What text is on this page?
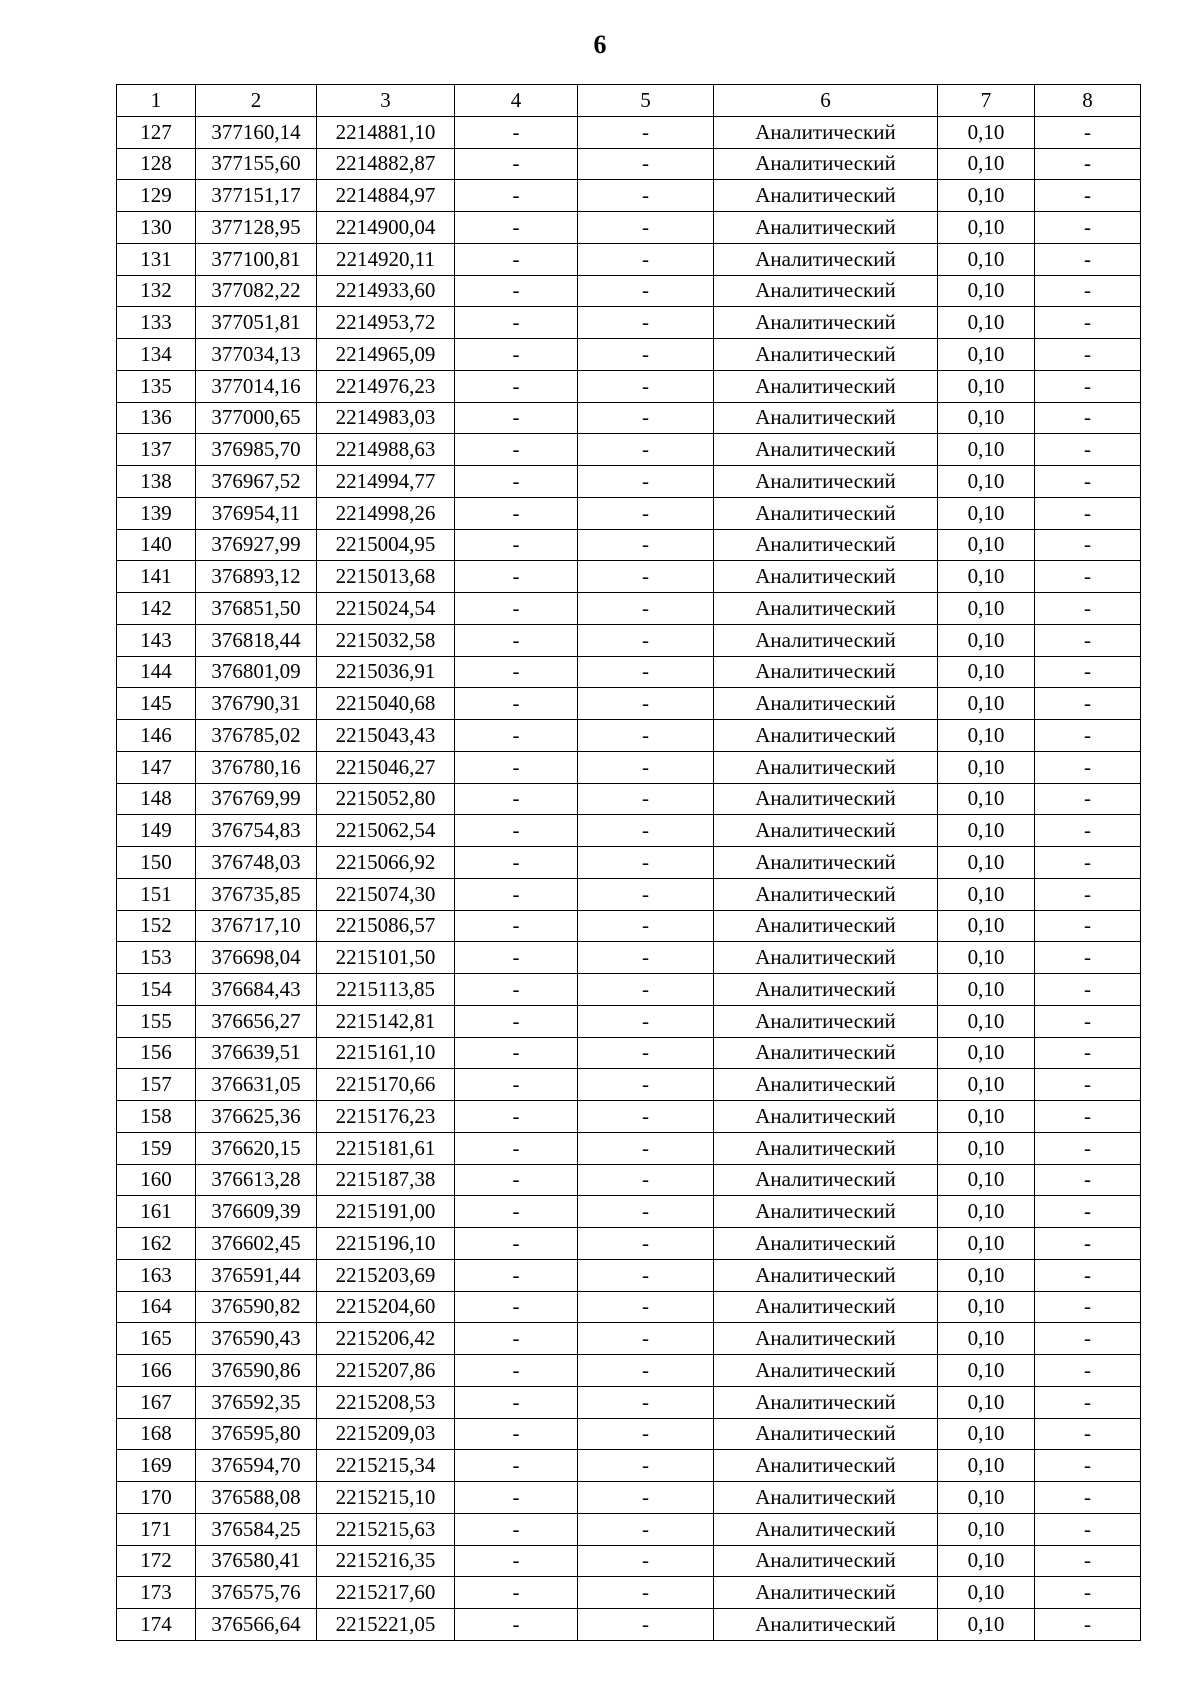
6
1	2	3	4	5	6	7	8
127	377160,14	2214881,10	-	-	Аналитический	0,10	-
128	377155,60	2214882,87	-	-	Аналитический	0,10	-
129	377151,17	2214884,97	-	-	Аналитический	0,10	-
130	377128,95	2214900,04	-	-	Аналитический	0,10	-
131	377100,81	2214920,11	-	-	Аналитический	0,10	-
132	377082,22	2214933,60	-	-	Аналитический	0,10	-
133	377051,81	2214953,72	-	-	Аналитический	0,10	-
134	377034,13	2214965,09	-	-	Аналитический	0,10	-
135	377014,16	2214976,23	-	-	Аналитический	0,10	-
136	377000,65	2214983,03	-	-	Аналитический	0,10	-
137	376985,70	2214988,63	-	-	Аналитический	0,10	-
138	376967,52	2214994,77	-	-	Аналитический	0,10	-
139	376954,11	2214998,26	-	-	Аналитический	0,10	-
140	376927,99	2215004,95	-	-	Аналитический	0,10	-
141	376893,12	2215013,68	-	-	Аналитический	0,10	-
142	376851,50	2215024,54	-	-	Аналитический	0,10	-
143	376818,44	2215032,58	-	-	Аналитический	0,10	-
144	376801,09	2215036,91	-	-	Аналитический	0,10	-
145	376790,31	2215040,68	-	-	Аналитический	0,10	-
146	376785,02	2215043,43	-	-	Аналитический	0,10	-
147	376780,16	2215046,27	-	-	Аналитический	0,10	-
148	376769,99	2215052,80	-	-	Аналитический	0,10	-
149	376754,83	2215062,54	-	-	Аналитический	0,10	-
150	376748,03	2215066,92	-	-	Аналитический	0,10	-
151	376735,85	2215074,30	-	-	Аналитический	0,10	-
152	376717,10	2215086,57	-	-	Аналитический	0,10	-
153	376698,04	2215101,50	-	-	Аналитический	0,10	-
154	376684,43	2215113,85	-	-	Аналитический	0,10	-
155	376656,27	2215142,81	-	-	Аналитический	0,10	-
156	376639,51	2215161,10	-	-	Аналитический	0,10	-
157	376631,05	2215170,66	-	-	Аналитический	0,10	-
158	376625,36	2215176,23	-	-	Аналитический	0,10	-
159	376620,15	2215181,61	-	-	Аналитический	0,10	-
160	376613,28	2215187,38	-	-	Аналитический	0,10	-
161	376609,39	2215191,00	-	-	Аналитический	0,10	-
162	376602,45	2215196,10	-	-	Аналитический	0,10	-
163	376591,44	2215203,69	-	-	Аналитический	0,10	-
164	376590,82	2215204,60	-	-	Аналитический	0,10	-
165	376590,43	2215206,42	-	-	Аналитический	0,10	-
166	376590,86	2215207,86	-	-	Аналитический	0,10	-
167	376592,35	2215208,53	-	-	Аналитический	0,10	-
168	376595,80	2215209,03	-	-	Аналитический	0,10	-
169	376594,70	2215215,34	-	-	Аналитический	0,10	-
170	376588,08	2215215,10	-	-	Аналитический	0,10	-
171	376584,25	2215215,63	-	-	Аналитический	0,10	-
172	376580,41	2215216,35	-	-	Аналитический	0,10	-
173	376575,76	2215217,60	-	-	Аналитический	0,10	-
174	376566,64	2215221,05	-	-	Аналитический	0,10	-
